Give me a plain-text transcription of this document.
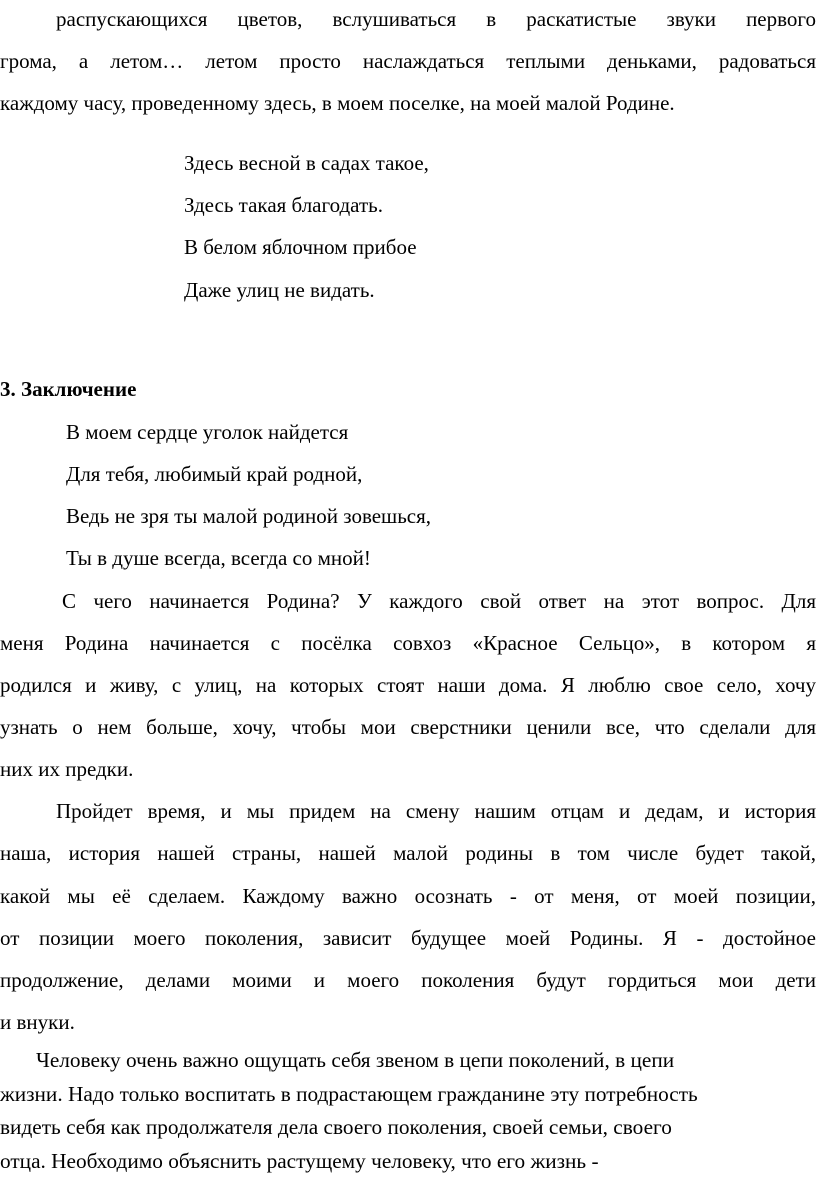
распускающихся цветов, вслушиваться в раскатистые звуки первого

грома, а летом… летом просто наслаждаться теплыми деньками, радоваться

каждому часу, проведенному здесь, в моем поселке, на моей малой Родине.

Здесь весной в садах такое,

Здесь такая благодать.

В белом яблочном прибое

Даже улиц не видать.

3. Заключение

В моем сердце уголок найдется

Для тебя, любимый край родной,

Ведь не зря ты малой родиной зовешься,

Ты в душе всегда, всегда со мной!

С чего начинается Родина? У каждого свой ответ на этот вопрос. Для

меня Родина начинается с посёлка совхоз «Красное Сельцо», в котором я

родился и живу, с улиц, на которых стоят наши дома. Я люблю свое село, хочу

узнать о нем больше, хочу, чтобы мои сверстники ценили все, что сделали для

них их предки.

Пройдет время, и мы придем на смену нашим отцам и дедам, и история

наша, история нашей страны, нашей малой родины в том числе будет такой,

какой мы её сделаем. Каждому важно осознать - от меня, от моей позиции,

от позиции моего поколения, зависит будущее моей Родины. Я - достойное

продолжение, делами моими и моего поколения будут гордиться мои дети

и внуки.

Человеку очень важно ощущать себя звеном в цепи поколений, в цепи

жизни. Надо только воспитать в подрастающем гражданине эту потребность

видеть себя как продолжателя дела своего поколения, своей семьи, своего

отца. Необходимо объяснить растущему человеку, что его жизнь -
